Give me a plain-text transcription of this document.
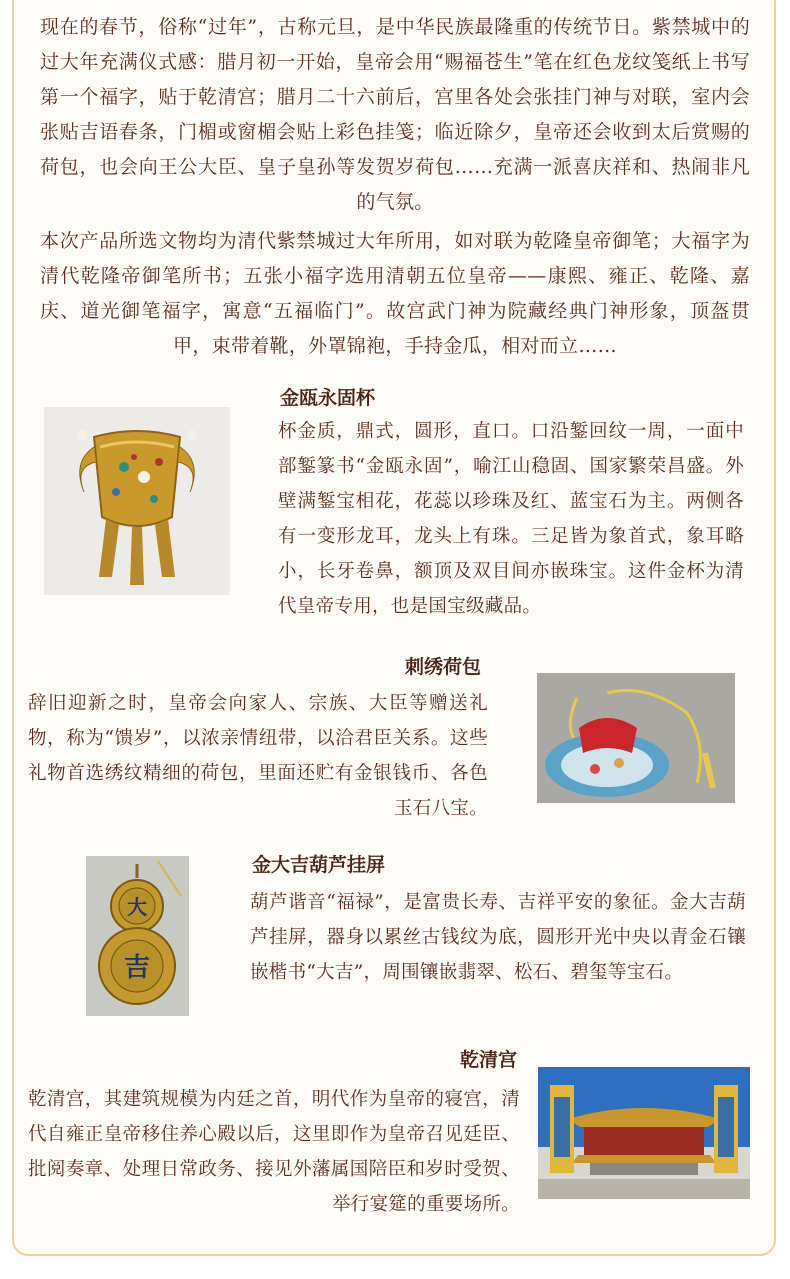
现在的春节，俗称“过年”，古称元旦，是中华民族最隆重的传统节日。紫禁城中的过大年充满仪式感：腊月初一开始，皇帝会用“赐福苍生”笔在红色龙纹笺纸上书写第一个福字，贴于乾清宫；腊月二十六前后，宫里各处会张挂门神与对联，室内会张贴吉语春条，门楣或窗楣会贴上彩色挂笺；临近除夕，皇帝还会收到太后赏赐的荷包，也会向王公大臣、皇子皇孙等发贺岁荷包……充满一派喜庆祥和、热闹非凡的气氛。

本次产品所选文物均为清代紫禁城过大年所用，如对联为乾隆皇帝御笔；大福字为清代乾隆帝御笔所书；五张小福字选用清朝五位皇帝——康熙、雍正、乾隆、嘉庆、道光御笔福字，寓意“五福临门”。故宫武门神为院藏经典门神形象，顶盔贯甲，束带着靴，外罩锦袍，手持金瓜，相对而立……

金瓯永固杯

杯金质，鼎式，圆形，直口。口沿錾回纹一周，一面中部錾篆书“金瓯永固”，喻江山稳固、国家繁荣昌盛。外壁满錾宝相花，花蕊以珍珠及红、蓝宝石为主。两侧各有一变形龙耳，龙头上有珠。三足皆为象首式，象耳略小，长牙卷鼻，额顶及双目间亦嵌珠宝。这件金杯为清代皇帝专用，也是国宝级藏品。

刺绣荷包

辞旧迎新之时，皇帝会向家人、宗族、大臣等赠送礼物，称为“馈岁”，以浓亲情纽带，以洽君臣关系。这些礼物首选绣纹精细的荷包，里面还贮有金银钱币、各色玉石八宝。

大
吉

金大吉葫芦挂屏

葫芦谐音“福禄”，是富贵长寿、吉祥平安的象征。金大吉葫芦挂屏，器身以累丝古钱纹为底，圆形开光中央以青金石镶嵌楷书“大吉”，周围镶嵌翡翠、松石、碧玺等宝石。

乾清宫

乾清宫，其建筑规模为内廷之首，明代作为皇帝的寝宫，清代自雍正皇帝移住养心殿以后，这里即作为皇帝召见廷臣、批阅奏章、处理日常政务、接见外藩属国陪臣和岁时受贺、举行宴筵的重要场所。
